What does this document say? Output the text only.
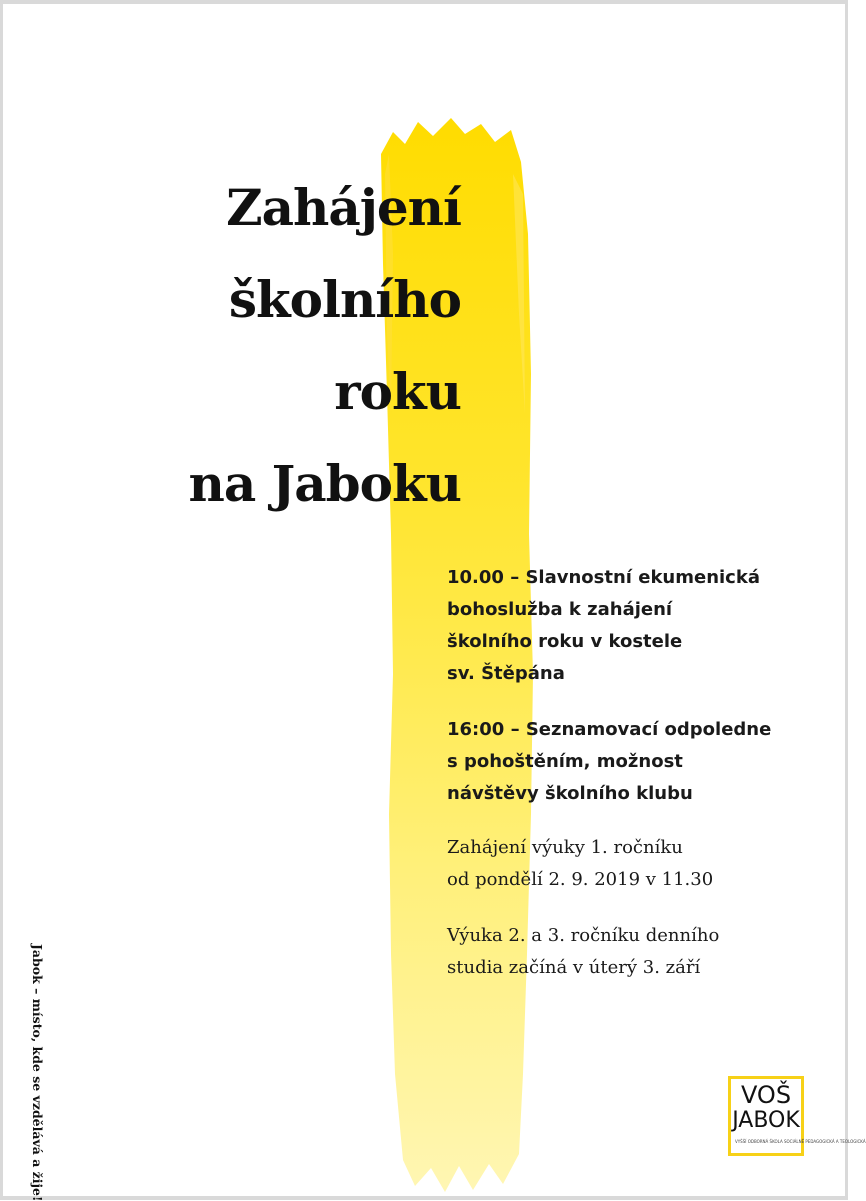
Zahájení
školního
roku
na Jaboku
10.00 – Slavnostní ekumenická
bohoslužba k zahájení
školního roku v kostele
sv. Štěpána
16:00 – Seznamovací odpoledne
s pohoštěním, možnost
návštěvy školního klubu
Zahájení výuky 1. ročníku
od pondělí 2. 9. 2019 v 11.30
Výuka 2. a 3. ročníku denního
studia začíná v úterý 3. září
Jabok – místo, kde se vzdělává a žije!	VOŠ
JABOK
VYŠŠÍ ODBORNÁ ŠKOLA SOCIÁLNĚ PEDAGOGICKÁ A TEOLOGICKÁ
